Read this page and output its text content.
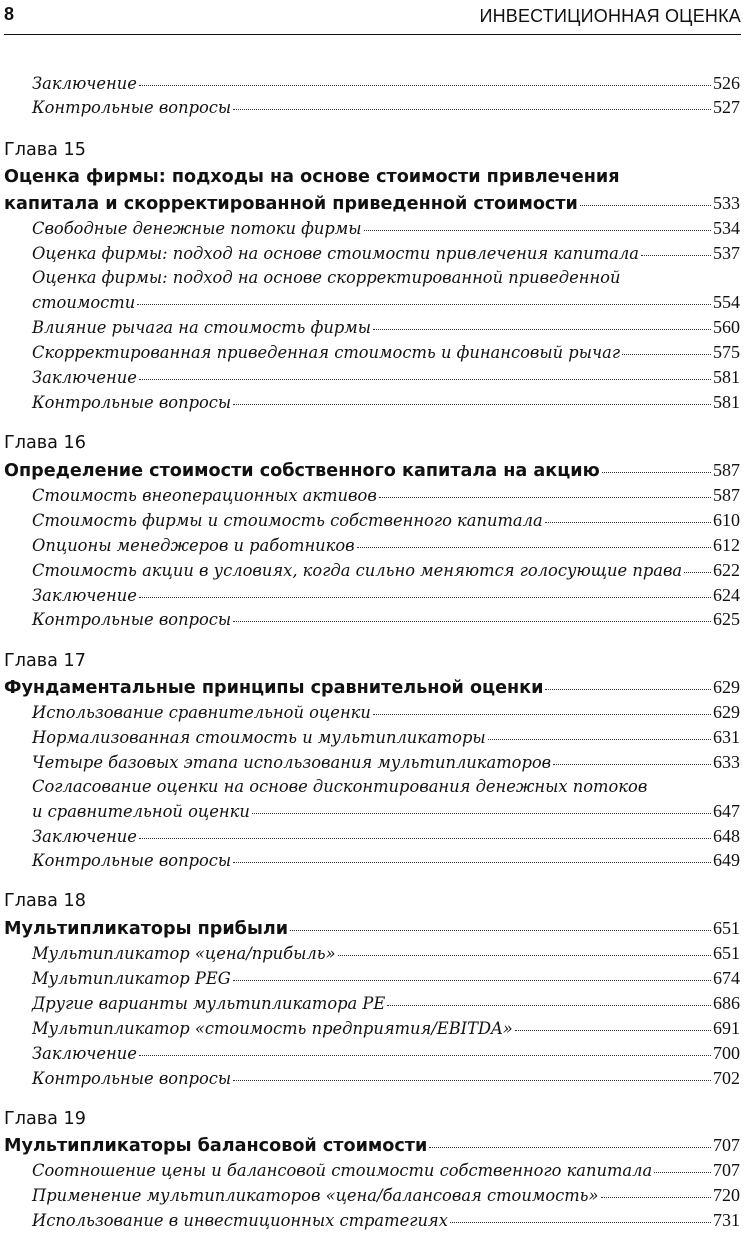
8	ИНВЕСТИЦИОННАЯ ОЦЕНКА
Заключение	526
Контрольные вопросы	527
Глава 15
Оценка фирмы: подходы на основе стоимости привлечения
капитала и скорректированной приведенной стоимости	533
Свободные денежные потоки фирмы	534
Оценка фирмы: подход на основе стоимости привлечения капитала	537
Оценка фирмы: подход на основе скорректированной приведенной
стоимости	554
Влияние рычага на стоимость фирмы	560
Скорректированная приведенная стоимость и финансовый рычаг	575
Заключение	581
Контрольные вопросы	581
Глава 16
Определение стоимости собственного капитала на акцию	587
Стоимость внеоперационных активов	587
Стоимость фирмы и стоимость собственного капитала	610
Опционы менеджеров и работников	612
Стоимость акции в условиях, когда сильно меняются голосующие права 622
Заключение	624
Контрольные вопросы	625
Глава 17
Фундаментальные принципы сравнительной оценки	629
Использование сравнительной оценки	629
Нормализованная стоимость и мультипликаторы	631
Четыре базовых этапа использования мультипликаторов	633
Согласование оценки на основе дисконтирования денежных потоков
и сравнительной оценки	647
Заключение	648
Контрольные вопросы	649
Глава 18
Мультипликаторы прибыли	651
Мультипликатор «цена/прибыль»	651
Мультипликатор PEG	674
Другие варианты мультипликатора PE	686
Мультипликатор «стоимость предприятия/EBITDA»	691
Заключение	700
Контрольные вопросы	702
Глава 19
Мультипликаторы балансовой стоимости	707
Соотношение цены и балансовой стоимости собственного капитала	707
Применение мультипликаторов «цена/балансовая стоимость»	720
Использование в инвестиционных стратегиях	731
